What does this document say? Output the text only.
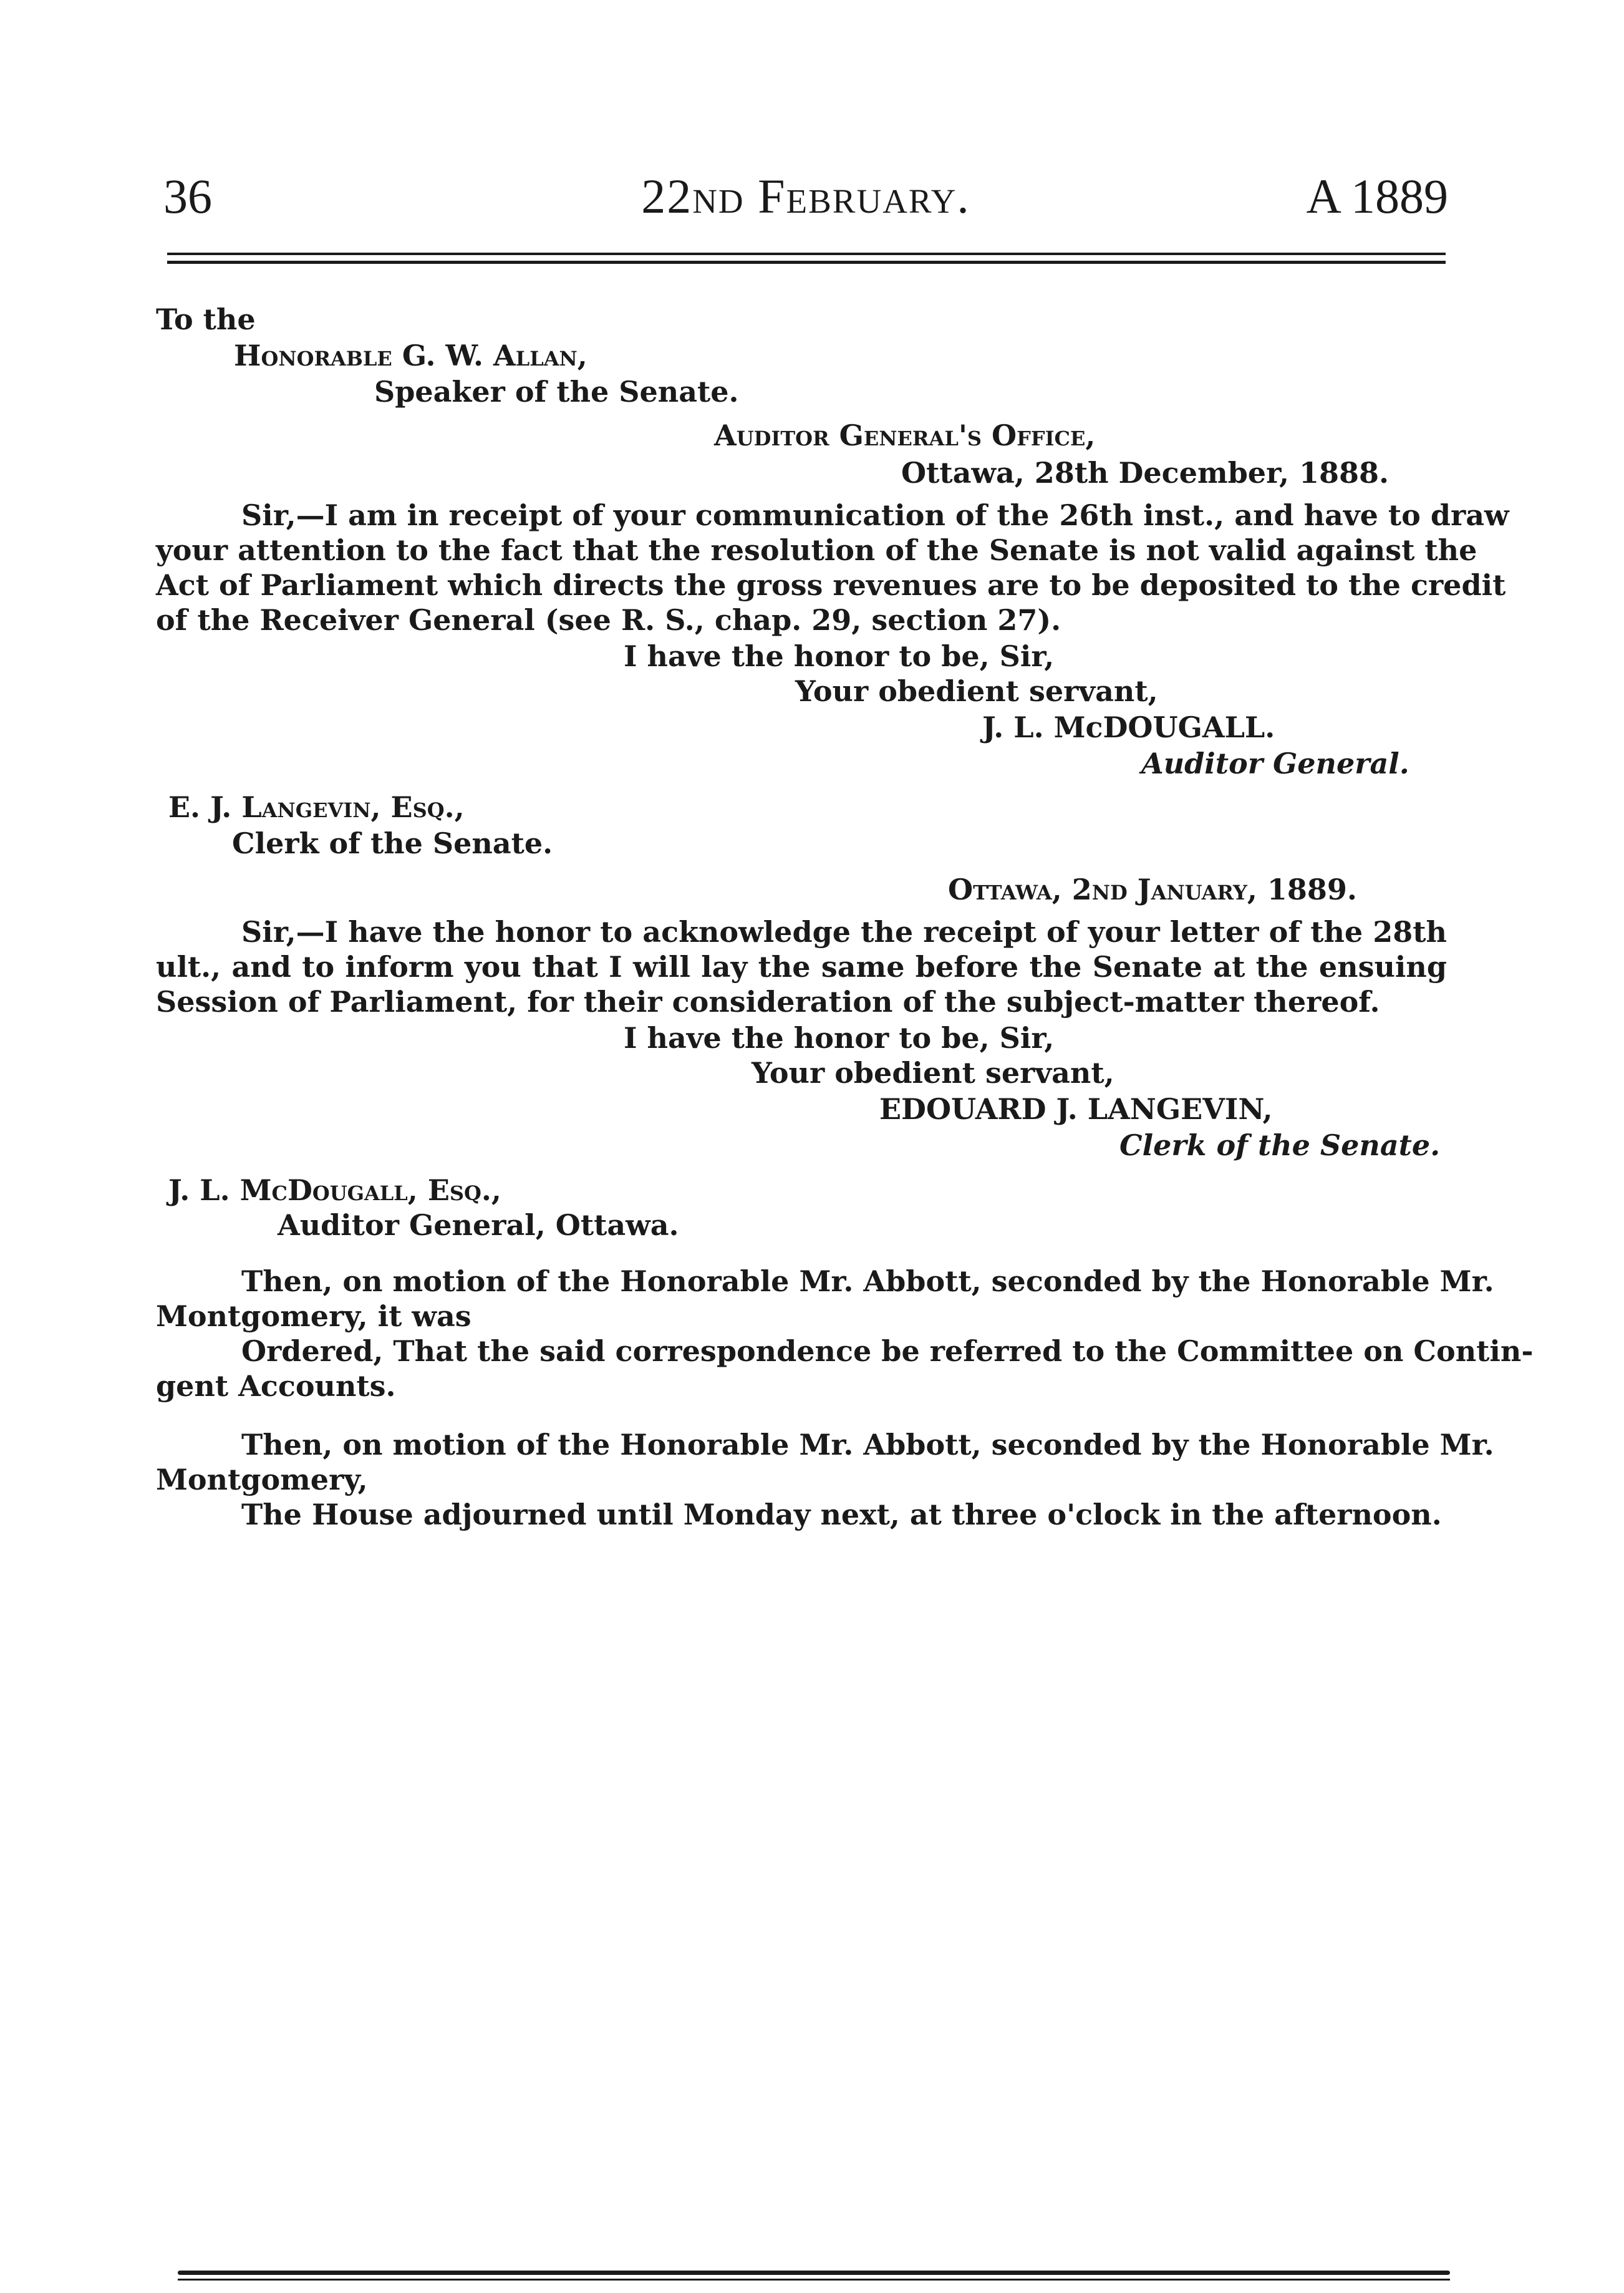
36	22nd February.	A 1889
To the
Honorable G. W. Allan,
Speaker of the Senate.
Auditor General's Office,
Ottawa, 28th December, 1888.
Sir,—I am in receipt of your communication of the 26th inst., and have to draw
your attention to the fact that the resolution of the Senate is not valid against the
Act of Parliament which directs the gross revenues are to be deposited to the credit
of the Receiver General (see R. S., chap. 29, section 27).
I have the honor to be, Sir,
Your obedient servant,
J. L. McDOUGALL.
Auditor General.
E. J. Langevin, Esq.,
Clerk of the Senate.
Ottawa, 2nd January, 1889.
Sir,—I have the honor to acknowledge the receipt of your letter of the 28th
ult., and to inform you that I will lay the same before the Senate at the ensuing
Session of Parliament, for their consideration of the subject-matter thereof.
I have the honor to be, Sir,
Your obedient servant,
EDOUARD J. LANGEVIN,
Clerk of the Senate.
J. L. McDougall, Esq.,
Auditor General, Ottawa.
Then, on motion of the Honorable Mr. Abbott, seconded by the Honorable Mr.
Montgomery, it was
Ordered, That the said correspondence be referred to the Committee on Contin-
gent Accounts.
Then, on motion of the Honorable Mr. Abbott, seconded by the Honorable Mr.
Montgomery,
The House adjourned until Monday next, at three o'clock in the afternoon.
